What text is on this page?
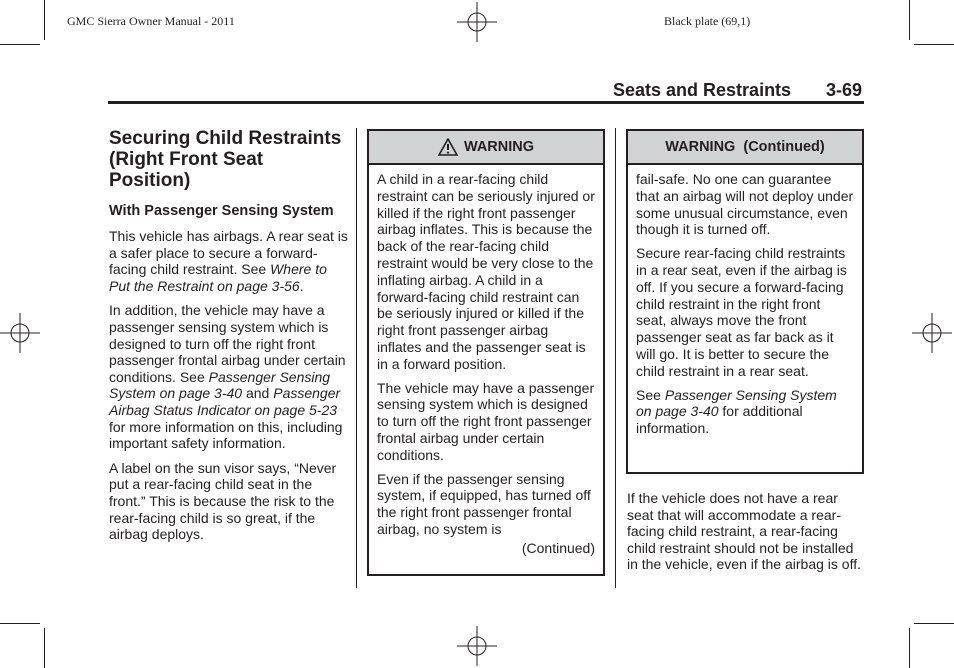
GMC Sierra Owner Manual - 2011	Black plate (69,1)
Seats and Restraints 3-69
Securing Child Restraints (Right Front Seat Position)
With Passenger Sensing System

This vehicle has airbags. A rear seat is a safer place to secure a forward-facing child restraint. See Where to Put the Restraint on page 3-56.

In addition, the vehicle may have a passenger sensing system which is designed to turn off the right front passenger frontal airbag under certain conditions. See Passenger Sensing System on page 3-40 and Passenger Airbag Status Indicator on page 5-23 for more information on this, including important safety information.

A label on the sun visor says, “Never put a rear-facing child seat in the front.” This is because the risk to the rear-facing child is so great, if the airbag deploys.

WARNING

A child in a rear-facing child restraint can be seriously injured or killed if the right front passenger airbag inflates. This is because the back of the rear-facing child restraint would be very close to the inflating airbag. A child in a forward-facing child restraint can be seriously injured or killed if the right front passenger airbag inflates and the passenger seat is in a forward position.

The vehicle may have a passenger sensing system which is designed to turn off the right front passenger frontal airbag under certain conditions.

Even if the passenger sensing system, if equipped, has turned off the right front passenger frontal airbag, no system is

(Continued)
WARNING  (Continued)

fail-safe. No one can guarantee that an airbag will not deploy under some unusual circumstance, even though it is turned off.

Secure rear-facing child restraints in a rear seat, even if the airbag is off. If you secure a forward-facing child restraint in the right front seat, always move the front passenger seat as far back as it will go. It is better to secure the child restraint in a rear seat.

See Passenger Sensing System on page 3-40 for additional information.

If the vehicle does not have a rear seat that will accommodate a rear-facing child restraint, a rear-facing child restraint should not be installed in the vehicle, even if the airbag is off.
